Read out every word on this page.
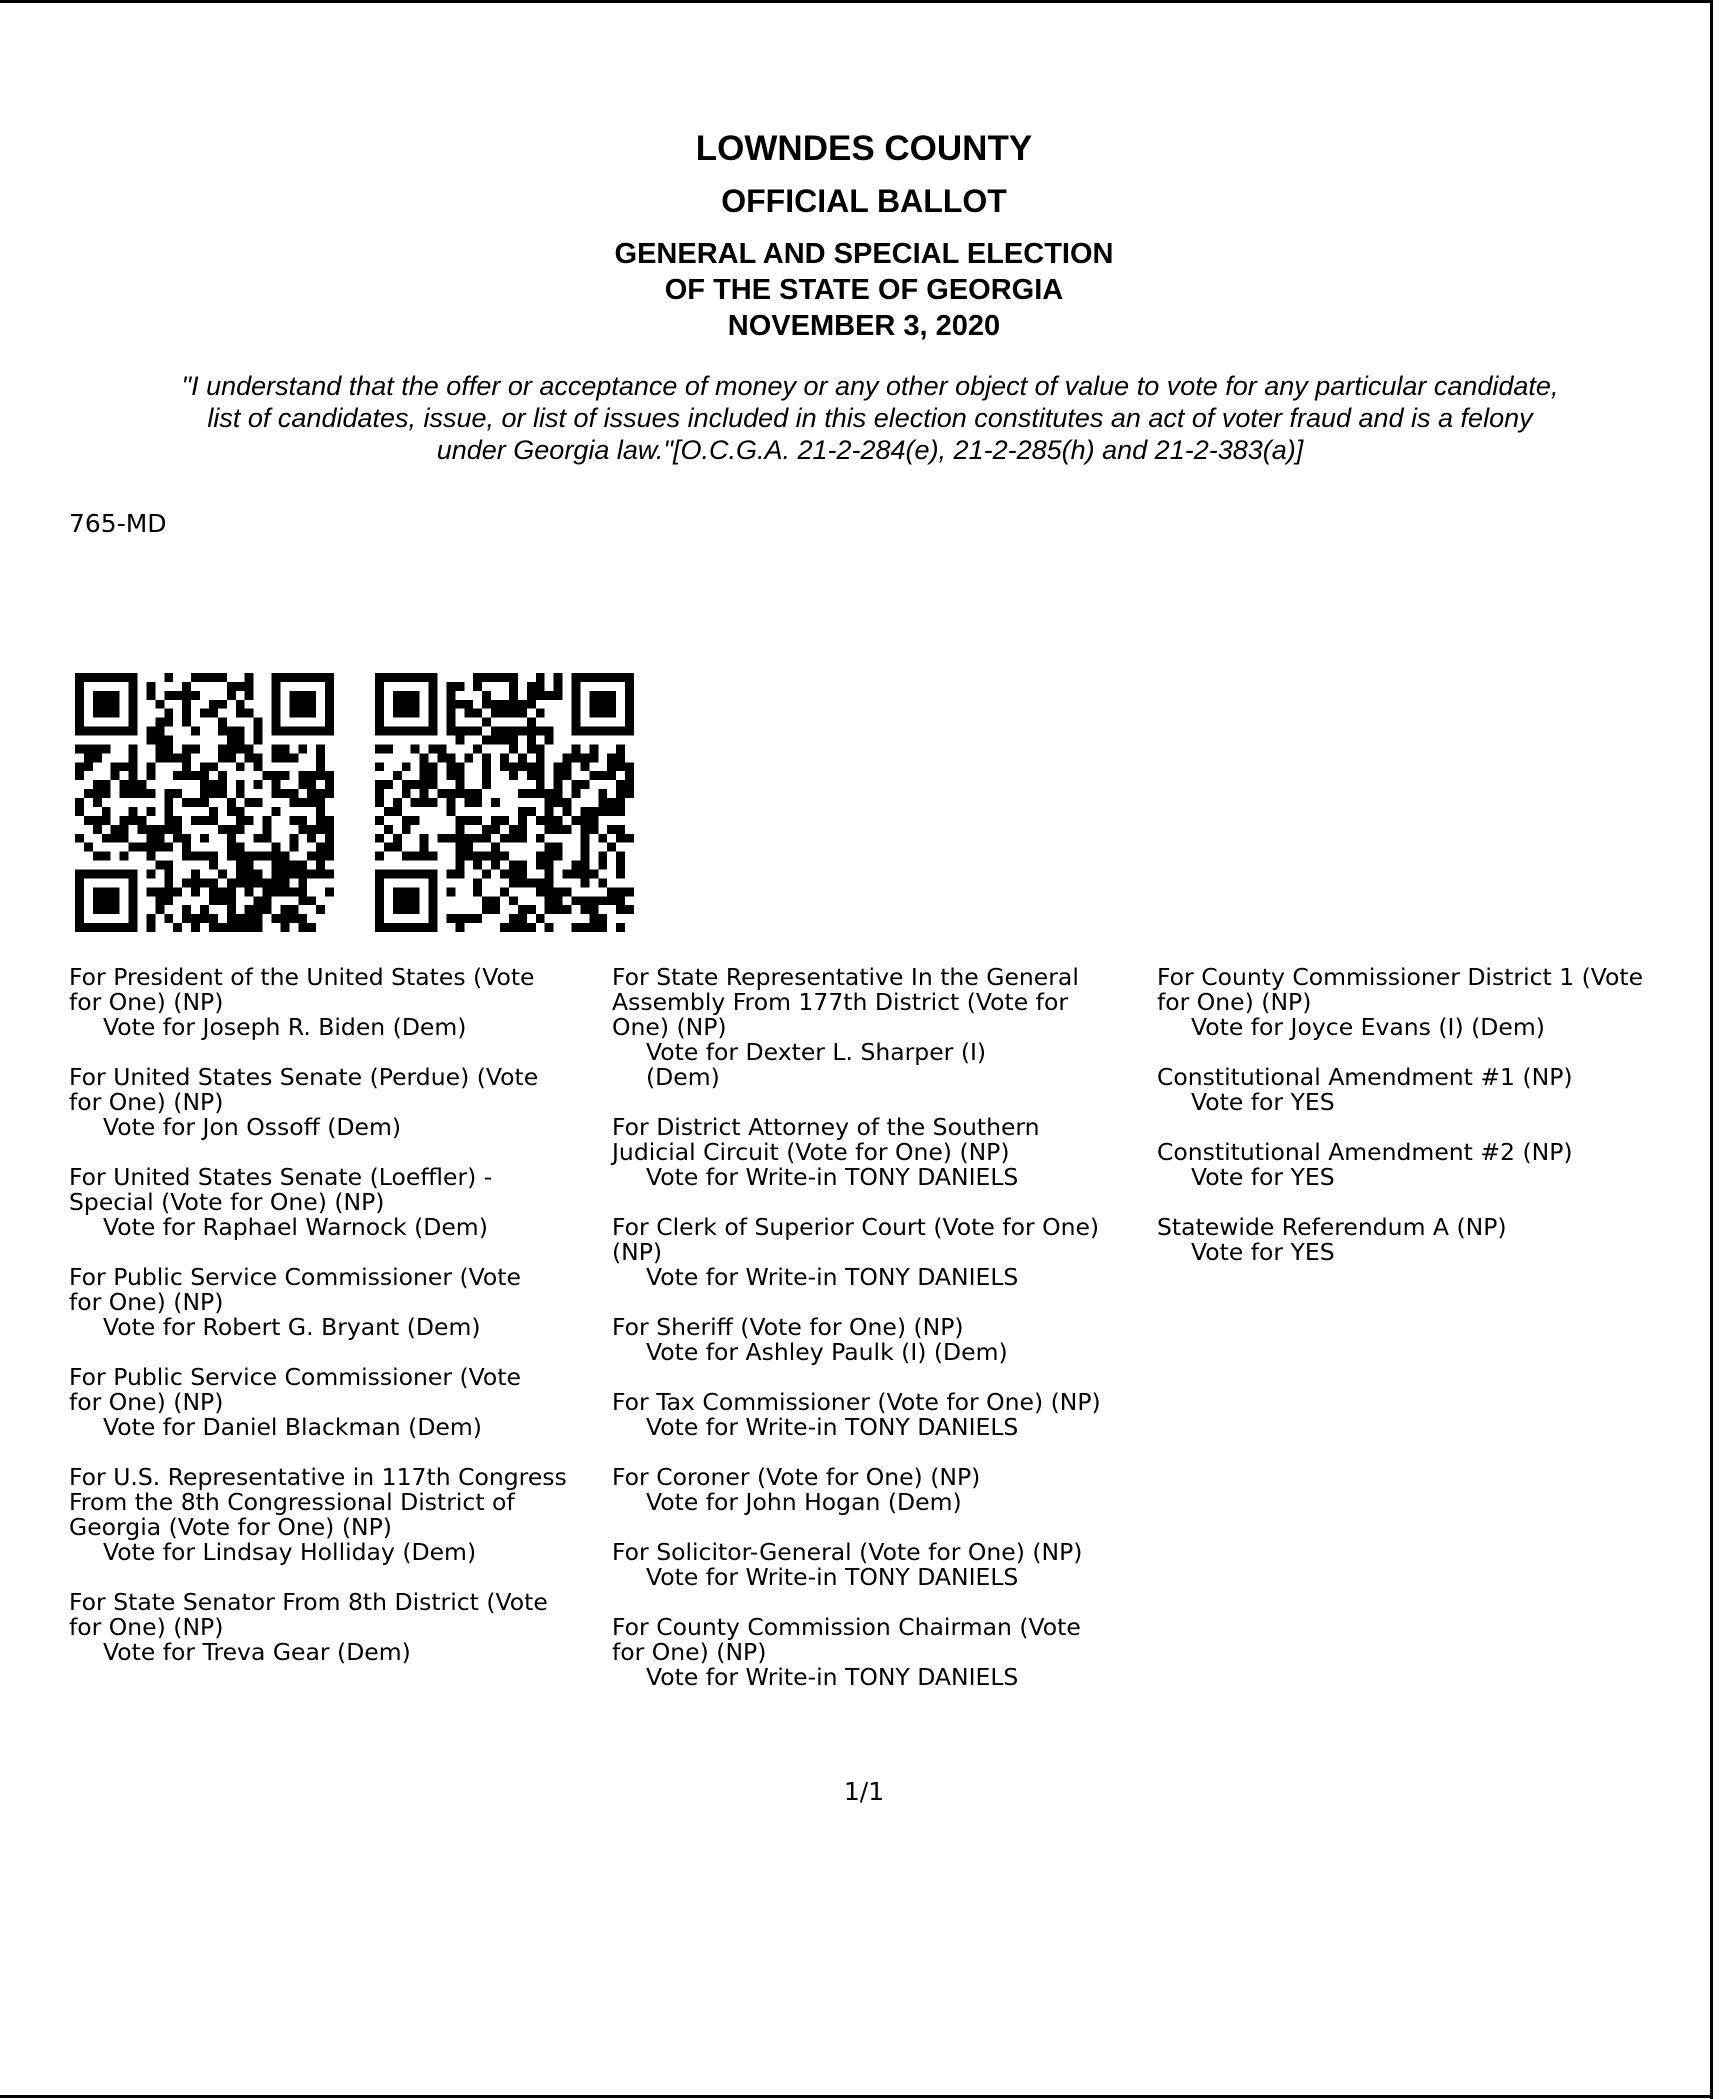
LOWNDES COUNTY
OFFICIAL BALLOT
GENERAL AND SPECIAL ELECTION
OF THE STATE OF GEORGIA
NOVEMBER 3, 2020
"I understand that the offer or acceptance of money or any other object of value to vote for any particular candidate,
list of candidates, issue, or list of issues included in this election constitutes an act of voter fraud and is a felony
under Georgia law."[O.C.G.A. 21-2-284(e), 21-2-285(h) and 21-2-383(a)]
765-MD
For President of the United States (Vote
for One) (NP)
Vote for Joseph R. Biden (Dem)
For United States Senate (Perdue) (Vote
for One) (NP)
Vote for Jon Ossoff (Dem)
For United States Senate (Loeffler) -
Special (Vote for One) (NP)
Vote for Raphael Warnock (Dem)
For Public Service Commissioner (Vote
for One) (NP)
Vote for Robert G. Bryant (Dem)
For Public Service Commissioner (Vote
for One) (NP)
Vote for Daniel Blackman (Dem)
For U.S. Representative in 117th Congress
From the 8th Congressional District of
Georgia (Vote for One) (NP)
Vote for Lindsay Holliday (Dem)
For State Senator From 8th District (Vote
for One) (NP)
Vote for Treva Gear (Dem)
For State Representative In the General
Assembly From 177th District (Vote for
One) (NP)
Vote for Dexter L. Sharper (I)
(Dem)
For District Attorney of the Southern
Judicial Circuit (Vote for One) (NP)
Vote for Write-in TONY DANIELS
For Clerk of Superior Court (Vote for One)
(NP)
Vote for Write-in TONY DANIELS
For Sheriff (Vote for One) (NP)
Vote for Ashley Paulk (I) (Dem)
For Tax Commissioner (Vote for One) (NP)
Vote for Write-in TONY DANIELS
For Coroner (Vote for One) (NP)
Vote for John Hogan (Dem)
For Solicitor-General (Vote for One) (NP)
Vote for Write-in TONY DANIELS
For County Commission Chairman (Vote
for One) (NP)
Vote for Write-in TONY DANIELS
For County Commissioner District 1 (Vote
for One) (NP)
Vote for Joyce Evans (I) (Dem)
Constitutional Amendment #1 (NP)
Vote for YES
Constitutional Amendment #2 (NP)
Vote for YES
Statewide Referendum A (NP)
Vote for YES
1/1
